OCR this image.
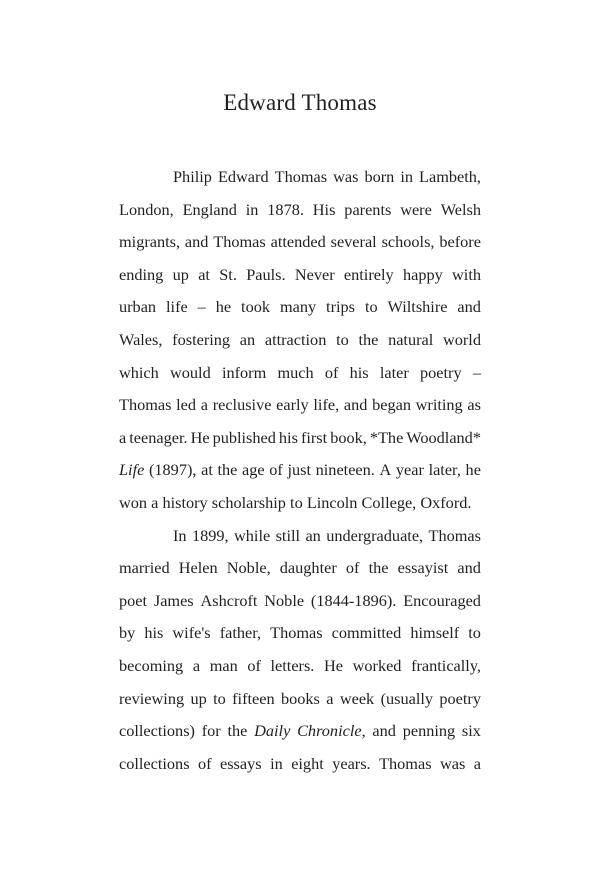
Edward Thomas
Philip Edward Thomas was born in Lambeth,
London, England in 1878. His parents were Welsh
migrants, and Thomas attended several schools, before
ending up at St. Pauls. Never entirely happy with
urban life – he took many trips to Wiltshire and
Wales, fostering an attraction to the natural world
which would inform much of his later poetry –
Thomas led a reclusive early life, and began writing as
a teenager. He published his first book, *The Woodland*
Life (1897), at the age of just nineteen. A year later, he
won a history scholarship to Lincoln College, Oxford.
In 1899, while still an undergraduate, Thomas
married Helen Noble, daughter of the essayist and
poet James Ashcroft Noble (1844-1896). Encouraged
by his wife's father, Thomas committed himself to
becoming a man of letters. He worked frantically,
reviewing up to fifteen books a week (usually poetry
collections) for the Daily Chronicle, and penning six
collections of essays in eight years. Thomas was a
